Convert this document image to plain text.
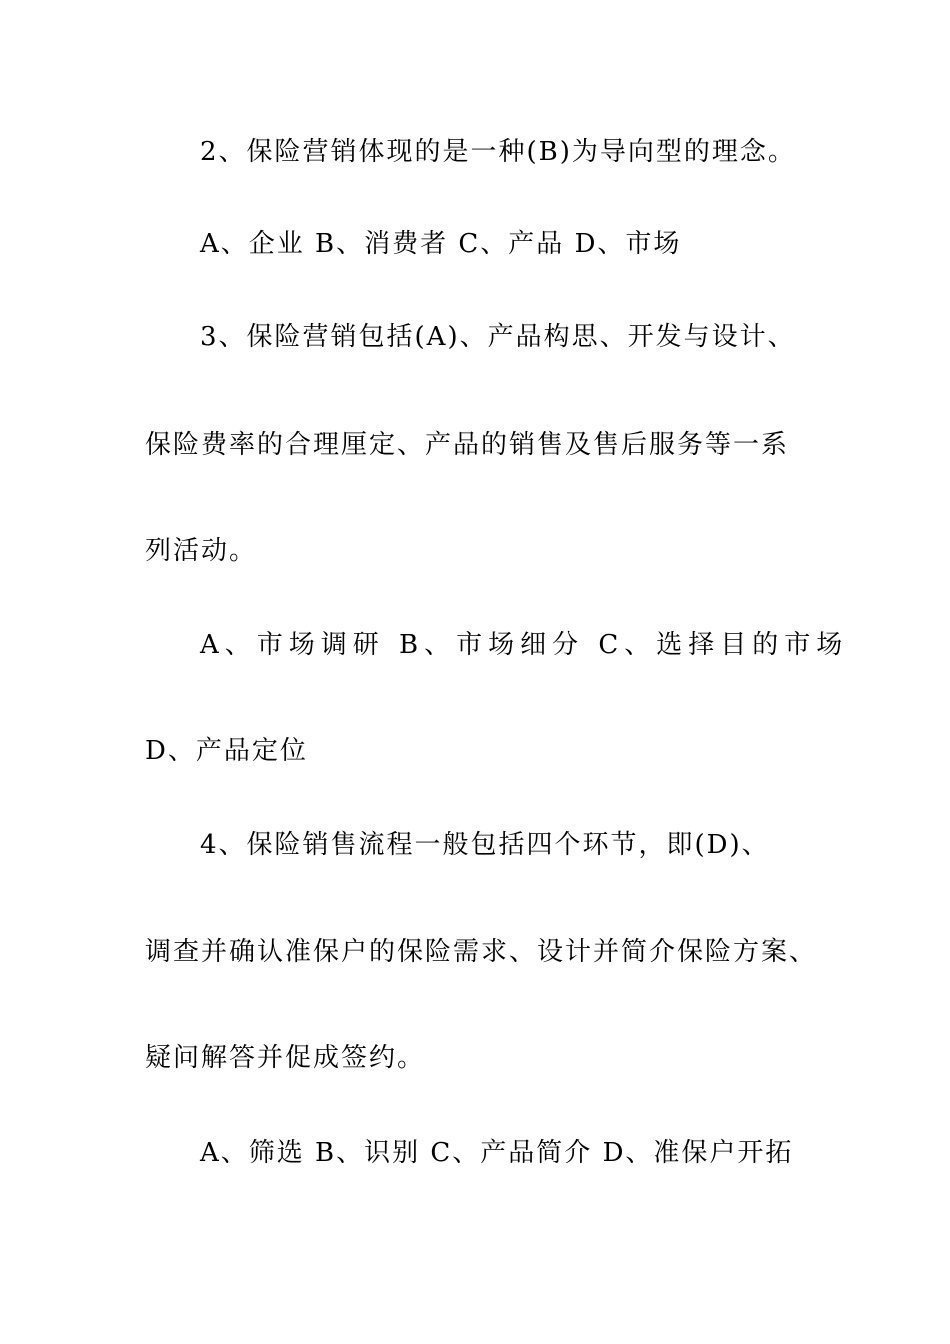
2、保险营销体现的是一种(B)为导向型的理念。
A、企业 B、消费者 C、产品 D、市场
3、保险营销包括(A)、产品构思、开发与设计、
保险费率的合理厘定、产品的销售及售后服务等一系
列活动。
A、市场调研 B、市场细分 C、选择目的市场
D、产品定位
4、保险销售流程一般包括四个环节，即(D)、
调查并确认准保户的保险需求、设计并简介保险方案、
疑问解答并促成签约。
A、筛选 B、识别 C、产品简介 D、准保户开拓
